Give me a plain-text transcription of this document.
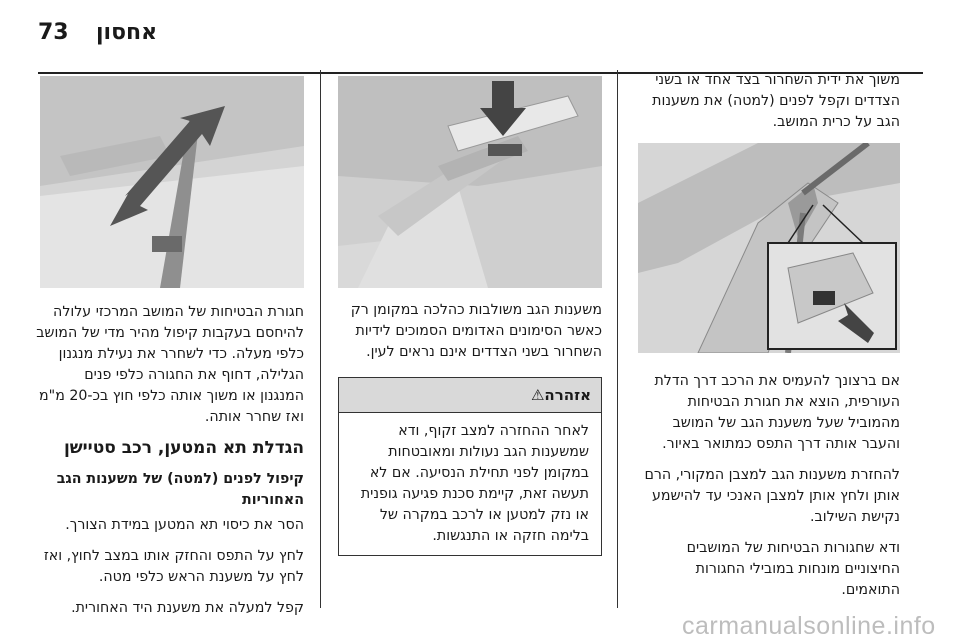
73 אחסון

משוך את ידית השחרור בצד אחד או בשני הצדדים וקפל לפנים (למטה) את משענות הגב על כרית המושב.

אם ברצונך להעמיס את הרכב דרך הדלת העורפית, הוצא את חגורת הבטיחות מהמוביל שעל משענת הגב של המושב והעבר אותה דרך התפס כמתואר באיור.

להחזרת משענות הגב למצבן המקורי, הרם אותן ולחץ אותן למצבן האנכי עד להישמע נקישת השילוב.

ודא שחגורות הבטיחות של המושבים החיצוניים מונחות במובילי החגורות התואמים.

משענות הגב משולבות כהלכה במקומן רק כאשר הסימונים האדומים הסמוכים לידיות השחרור בשני הצדדים אינם נראים לעין.

אזהרה⚠
לאחר ההחזרה למצב זקוף, ודא שמשענות הגב נעולות ומאובטחות במקומן לפני תחילת הנסיעה. אם לא תעשה זאת, קיימת סכנת פגיעה גופנית או נזק למטען או לרכב במקרה של בלימה חזקה או התנגשות.

חגורת הבטיחות של המושב המרכזי עלולה להיחסם בעקבות קיפול מהיר מדי של המושב כלפי מעלה. כדי לשחרר את נעילת מנגנון הגלילה, דחוף את החגורה כלפי פנים המנגנון או משוך אותה כלפי חוץ בכ-20 מ"מ ואז שחרר אותה.

הגדלת תא המטען, רכב סטיישן
קיפול לפנים (למטה) של משענות הגב האחוריות

הסר את כיסוי תא המטען במידת הצורך.

לחץ על התפס והחזק אותו במצב לחוץ, ואז לחץ על משענת הראש כלפי מטה.

קפל למעלה את משענת היד האחורית.

carmanualsonline.info
